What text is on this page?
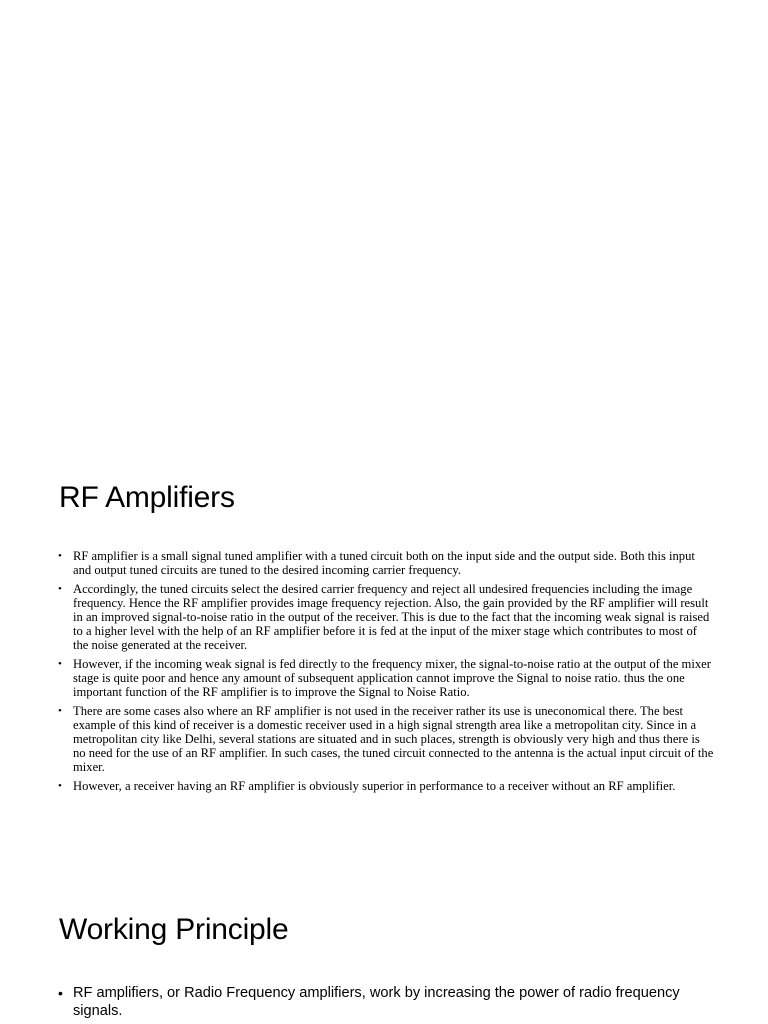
RF Amplifiers
• RF amplifier is a small signal tuned amplifier with a tuned circuit both on the input side and the output side. Both this input and output tuned circuits are tuned to the desired incoming carrier frequency.
• Accordingly, the tuned circuits select the desired carrier frequency and reject all undesired frequencies including the image frequency. Hence the RF amplifier provides image frequency rejection. Also, the gain provided by the RF amplifier will result in an improved signal-to-noise ratio in the output of the receiver. This is due to the fact that the incoming weak signal is raised to a higher level with the help of an RF amplifier before it is fed at the input of the mixer stage which contributes to most of the noise generated at the receiver.
• However, if the incoming weak signal is fed directly to the frequency mixer, the signal-to-noise ratio at the output of the mixer stage is quite poor and hence any amount of subsequent application cannot improve the Signal to noise ratio. thus the one important function of the RF amplifier is to improve the Signal to Noise Ratio.
• There are some cases also where an RF amplifier is not used in the receiver rather its use is uneconomical there. The best example of this kind of receiver is a domestic receiver used in a high signal strength area like a metropolitan city. Since in a metropolitan city like Delhi, several stations are situated and in such places, strength is obviously very high and thus there is no need for the use of an RF amplifier. In such cases, the tuned circuit connected to the antenna is the actual input circuit of the mixer.
• However, a receiver having an RF amplifier is obviously superior in performance to a receiver without an RF amplifier.
Working Principle
• RF amplifiers, or Radio Frequency amplifiers, work by increasing the power of radio frequency signals.
